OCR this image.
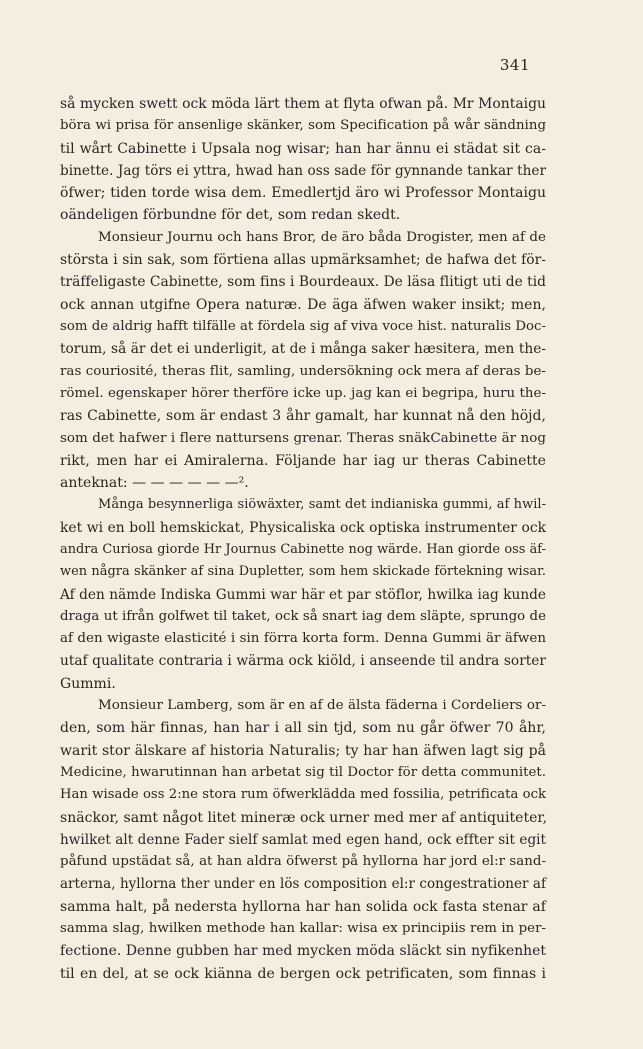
341
så mycken swett ock möda lärt them at flyta ofwan på. Mr Montaigu
böra wi prisa för ansenlige skänker, som Specification på wår sändning
til wårt Cabinette i Upsala nog wisar; han har ännu ei städat sit ca-
binette. Jag törs ei yttra, hwad han oss sade för gynnande tankar ther
öfwer; tiden torde wisa dem. Emedlertjd äro wi Professor Montaigu
oändeligen förbundne för det, som redan skedt.
Monsieur Journu och hans Bror, de äro båda Drogister, men af de
största i sin sak, som förtiena allas upmärksamhet; de hafwa det för-
träffeligaste Cabinette, som fins i Bourdeaux. De läsa flitigt uti de tid
ock annan utgifne Opera naturæ. De äga äfwen waker insikt; men,
som de aldrig hafft tilfälle at fördela sig af viva voce hist. naturalis Doc-
torum, så är det ei underligit, at de i många saker hæsitera, men the-
ras couriosité, theras flit, samling, undersökning ock mera af deras be-
römel. egenskaper hörer therföre icke up. jag kan ei begripa, huru the-
ras Cabinette, som är endast 3 åhr gamalt, har kunnat nå den höjd,
som det hafwer i flere nattursens grenar. Theras snäkCabinette är nog
rikt, men har ei Amiralerna. Följande har iag ur theras Cabinette
anteknat: — — — — — —².
Många besynnerliga siöwäxter, samt det indianiska gummi, af hwil-
ket wi en boll hemskickat, Physicaliska ock optiska instrumenter ock
andra Curiosa giorde Hr Journus Cabinette nog wärde. Han giorde oss äf-
wen några skänker af sina Dupletter, som hem skickade förtekning wisar.
Af den nämde Indiska Gummi war här et par stöflor, hwilka iag kunde
draga ut ifrån golfwet til taket, ock så snart iag dem släpte, sprungo de
af den wigaste elasticité i sin förra korta form. Denna Gummi är äfwen
utaf qualitate contraria i wärma ock kiöld, i anseende til andra sorter
Gummi.
Monsieur Lamberg, som är en af de älsta fäderna i Cordeliers or-
den, som här finnas, han har i all sin tjd, som nu går öfwer 70 åhr,
warit stor älskare af historia Naturalis; ty har han äfwen lagt sig på
Medicine, hwarutinnan han arbetat sig til Doctor för detta communitet.
Han wisade oss 2:ne stora rum öfwerklädda med fossilia, petrificata ock
snäckor, samt något litet mineræ ock urner med mer af antiquiteter,
hwilket alt denne Fader sielf samlat med egen hand, ock effter sit egit
påfund upstädat så, at han aldra öfwerst på hyllorna har jord el:r sand-
arterna, hyllorna ther under en lös composition el:r congestrationer af
samma halt, på nedersta hyllorna har han solida ock fasta stenar af
samma slag, hwilken methode han kallar: wisa ex principiis rem in per-
fectione. Denne gubben har med mycken möda släckt sin nyfikenhet
til en del, at se ock kiänna de bergen ock petrificaten, som finnas i
